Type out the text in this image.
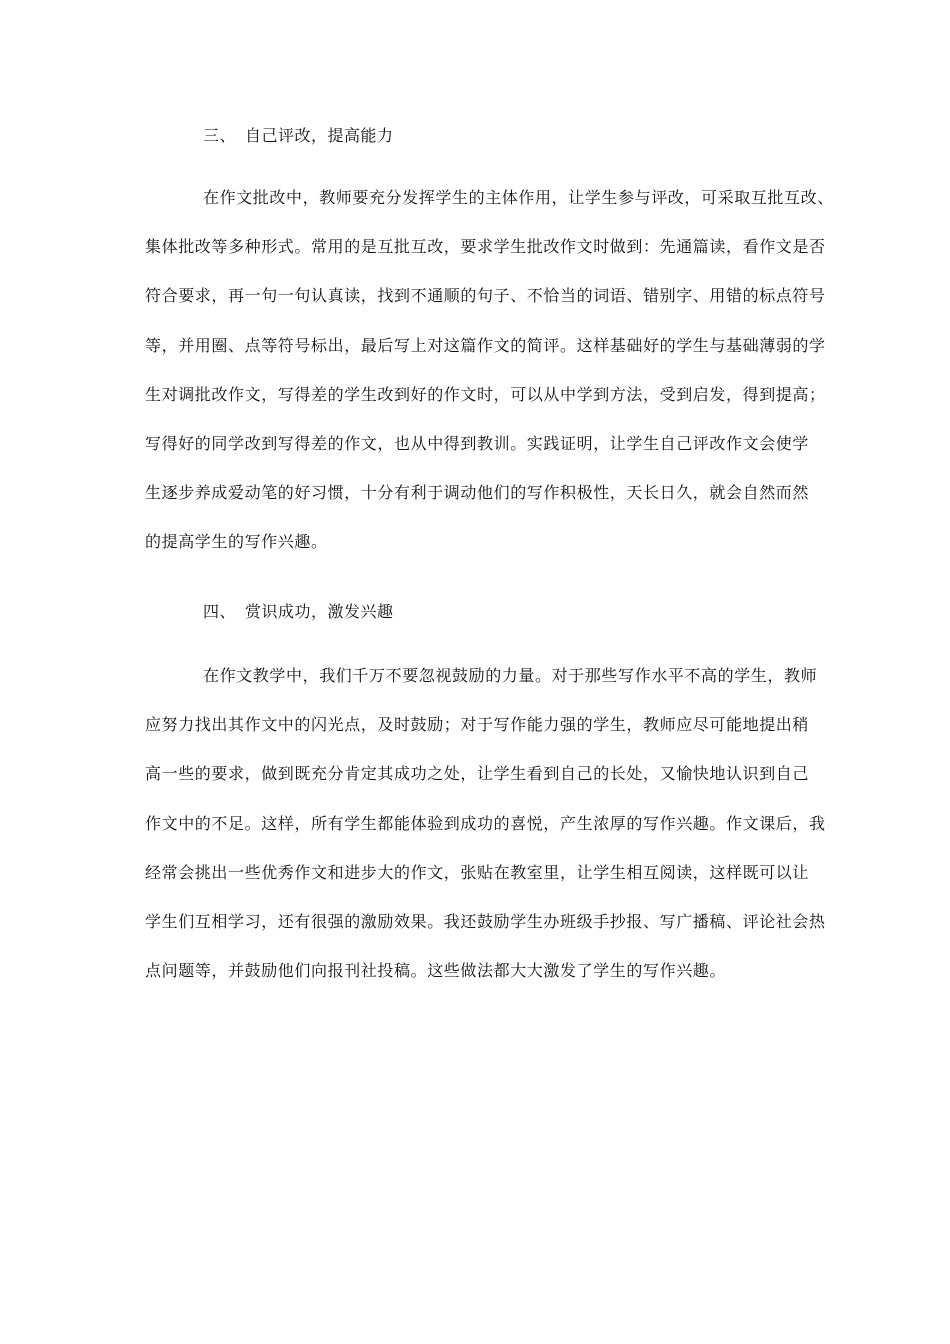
三、 自己评改，提高能力
在作文批改中，教师要充分发挥学生的主体作用，让学生参与评改，可采取互批互改、
集体批改等多种形式。常用的是互批互改，要求学生批改作文时做到：先通篇读，看作文是否
符合要求，再一句一句认真读，找到不通顺的句子、不恰当的词语、错别字、用错的标点符号
等，并用圈、点等符号标出，最后写上对这篇作文的简评。这样基础好的学生与基础薄弱的学
生对调批改作文，写得差的学生改到好的作文时，可以从中学到方法，受到启发，得到提高；
写得好的同学改到写得差的作文，也从中得到教训。实践证明，让学生自己评改作文会使学
生逐步养成爱动笔的好习惯，十分有利于调动他们的写作积极性，天长日久，就会自然而然
的提高学生的写作兴趣。
四、 赏识成功，激发兴趣
在作文教学中，我们千万不要忽视鼓励的力量。对于那些写作水平不高的学生，教师
应努力找出其作文中的闪光点，及时鼓励；对于写作能力强的学生，教师应尽可能地提出稍
高一些的要求，做到既充分肯定其成功之处，让学生看到自己的长处，又愉快地认识到自己
作文中的不足。这样，所有学生都能体验到成功的喜悦，产生浓厚的写作兴趣。作文课后，我
经常会挑出一些优秀作文和进步大的作文，张贴在教室里，让学生相互阅读，这样既可以让
学生们互相学习，还有很强的激励效果。我还鼓励学生办班级手抄报、写广播稿、评论社会热
点问题等，并鼓励他们向报刊社投稿。这些做法都大大激发了学生的写作兴趣。
